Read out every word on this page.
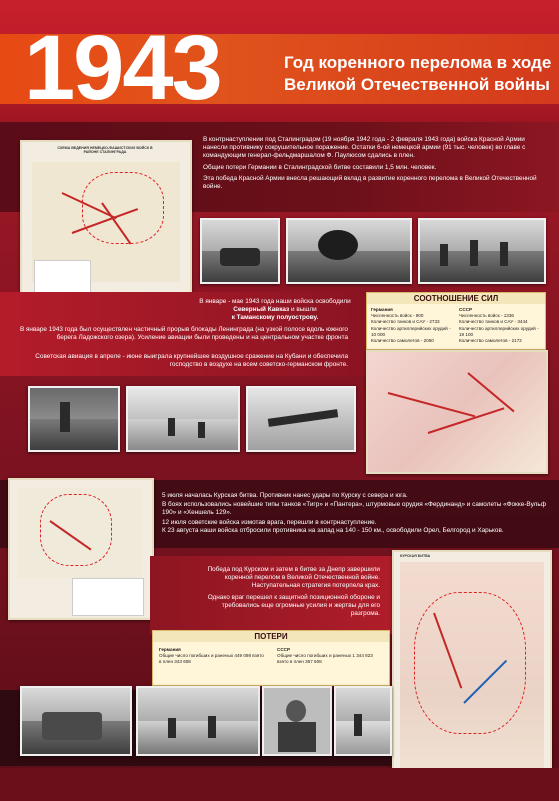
1943	Год коренного перелома в ходе
Великой Отечественной войны
СХЕМА ВЕДЕНИЯ НЕМЕЦКО-ФАШИСТСКИХ ВОЙСК В РАЙОНЕ СТАЛИНГРАДА
В контрнаступлении под Сталинградом (19 ноября 1942 года - 2 февраля 1943 года) войска Красной Армии нанесли противнику сокрушительное поражение. Остатки 6-ой немецкой армии (91 тыс. человек) во главе с командующим генерал-фельдмаршалом Ф. Паулюсом сдались в плен.
Общие потери Германии в Сталинградской битве составили 1,5 млн. человек.
Эта победа Красной Армии внесла решающий вклад в развитие коренного перелома в Великой Отечественной войне.
В январе - мае 1943 года наши войска освободили Северный Кавказ и вышли
к Таманскому полуострову.
В январе 1943 года был осуществлен частичный прорыв блокады Ленинграда (на узкой полосе вдоль южного берега Ладожского озера). Усиление авиации были проведены и на центральном участке фронта
Советская авиация в апреле - июне выиграла крупнейшее воздушное сражение на Кубани и обеспечила господство в воздухе на всем советско-германском фронте.
СООТНОШЕНИЕ СИЛ
Германия
Численность войск - 900
Количество танков и САУ - 2733
Количество артиллерийских орудий - 10 000
Количество самолетов - 2050
СССР
Численность войск - 1336
Количество танков и САУ - 3444
Количество артиллерийских орудий - 19 100
Количество самолетов - 2172
5 июля началась Курская битва. Противник нанес удары по Курску с севера и юга.
В боях использовались новейшие типы танков «Тигр» и «Пантера», штурмовые орудия «Фердинанд» и самолеты «Фокке-Вульф 190» и «Хеншель 129».
12 июля советские войска измотав врага, перешли в контрнаступление.
К 23 августа наши войска отбросили противника на запад на 140 - 150 км., освободили Орел, Белгород и Харьков.
Победа под Курском и затем в битве за Днепр завершили коренной перелом в Великой Отечественной войне. Наступательная стратегия потерпела крах.
Однако враг перешел к защитной позиционной обороне и требовались еще огромные усилия и жертвы для его разгрома.
КУРСКАЯ БИТВА
ПОТЕРИ
Германия
Общие число погибших и раненых 449 098 взято в плен 343 608
СССР
Общие число погибших и раненых 1 344 823 взято в плен 367 608
